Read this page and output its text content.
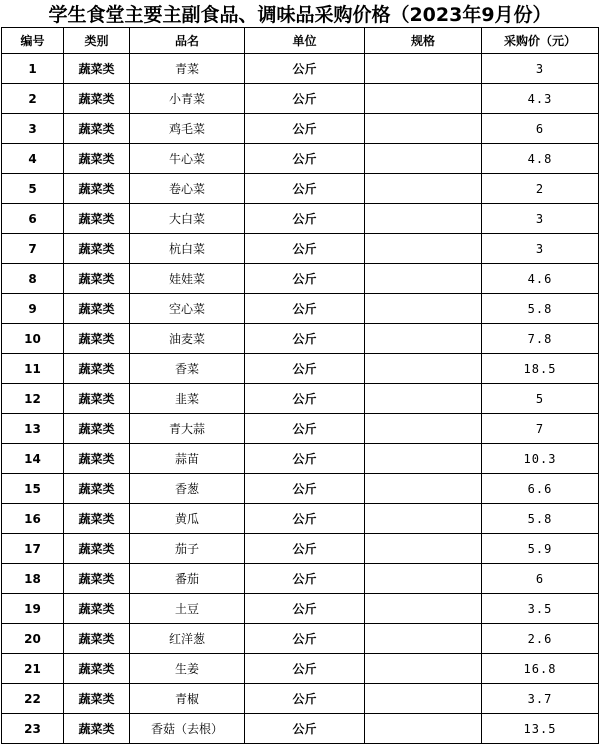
学生食堂主要主副食品、调味品采购价格（2023年9月份）
编号	类别	品名	单位	规格	采购价（元）
1	蔬菜类	青菜	公斤		3
2	蔬菜类	小青菜	公斤		4.3
3	蔬菜类	鸡毛菜	公斤		6
4	蔬菜类	牛心菜	公斤		4.8
5	蔬菜类	卷心菜	公斤		2
6	蔬菜类	大白菜	公斤		3
7	蔬菜类	杭白菜	公斤		3
8	蔬菜类	娃娃菜	公斤		4.6
9	蔬菜类	空心菜	公斤		5.8
10	蔬菜类	油麦菜	公斤		7.8
11	蔬菜类	香菜	公斤		18.5
12	蔬菜类	韭菜	公斤		5
13	蔬菜类	青大蒜	公斤		7
14	蔬菜类	蒜苗	公斤		10.3
15	蔬菜类	香葱	公斤		6.6
16	蔬菜类	黄瓜	公斤		5.8
17	蔬菜类	茄子	公斤		5.9
18	蔬菜类	番茄	公斤		6
19	蔬菜类	土豆	公斤		3.5
20	蔬菜类	红洋葱	公斤		2.6
21	蔬菜类	生姜	公斤		16.8
22	蔬菜类	青椒	公斤		3.7
23	蔬菜类	香菇（去根）	公斤		13.5
